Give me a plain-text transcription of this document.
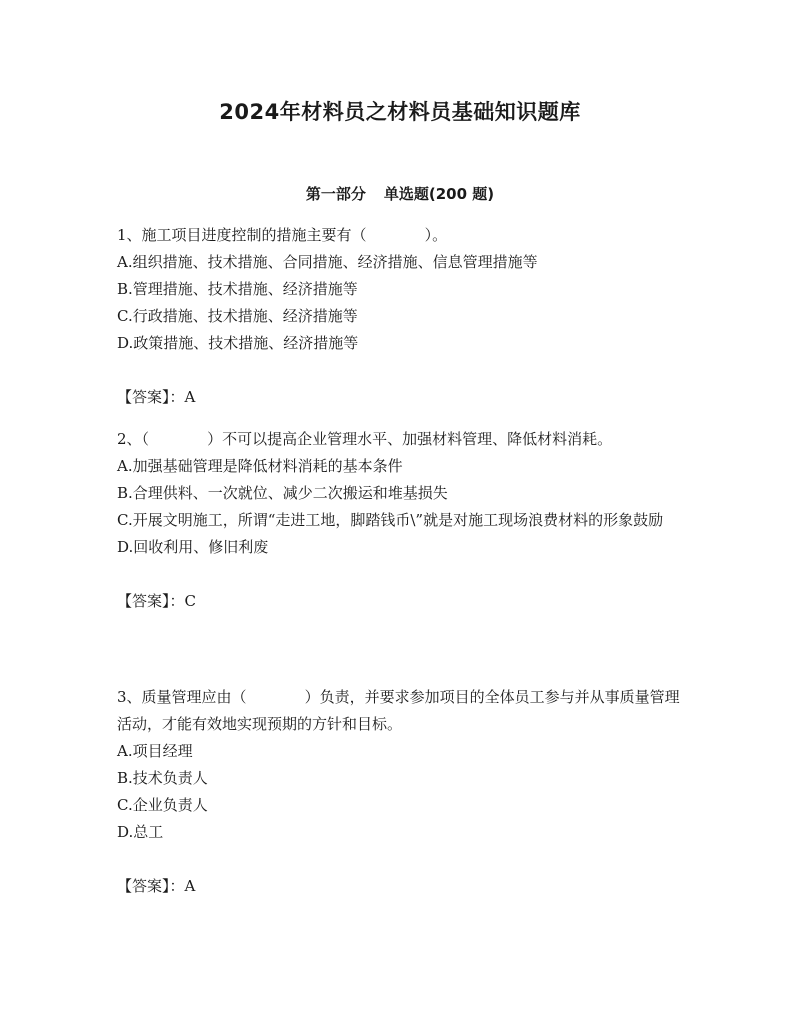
2024年材料员之材料员基础知识题库
第一部分 单选题(200 题)

1、施工项目进度控制的措施主要有（	）。

A.组织措施、技术措施、合同措施、经济措施、信息管理措施等

B.管理措施、技术措施、经济措施等

C.行政措施、技术措施、经济措施等

D.政策措施、技术措施、经济措施等

【答案】：A

2、（	）不可以提高企业管理水平、加强材料管理、降低材料消耗。

A.加强基础管理是降低材料消耗的基本条件

B.合理供料、一次就位、减少二次搬运和堆基损失

C.开展文明施工，所谓“走进工地，脚踏钱币\”就是对施工现场浪费材料的形象鼓励

D.回收利用、修旧利废

【答案】：C

3、质量管理应由（	）负责，并要求参加项目的全体员工参与并从事质量管理活动，才能有效地实现预期的方针和目标。

A.项目经理

B.技术负责人

C.企业负责人

D.总工

【答案】：A
